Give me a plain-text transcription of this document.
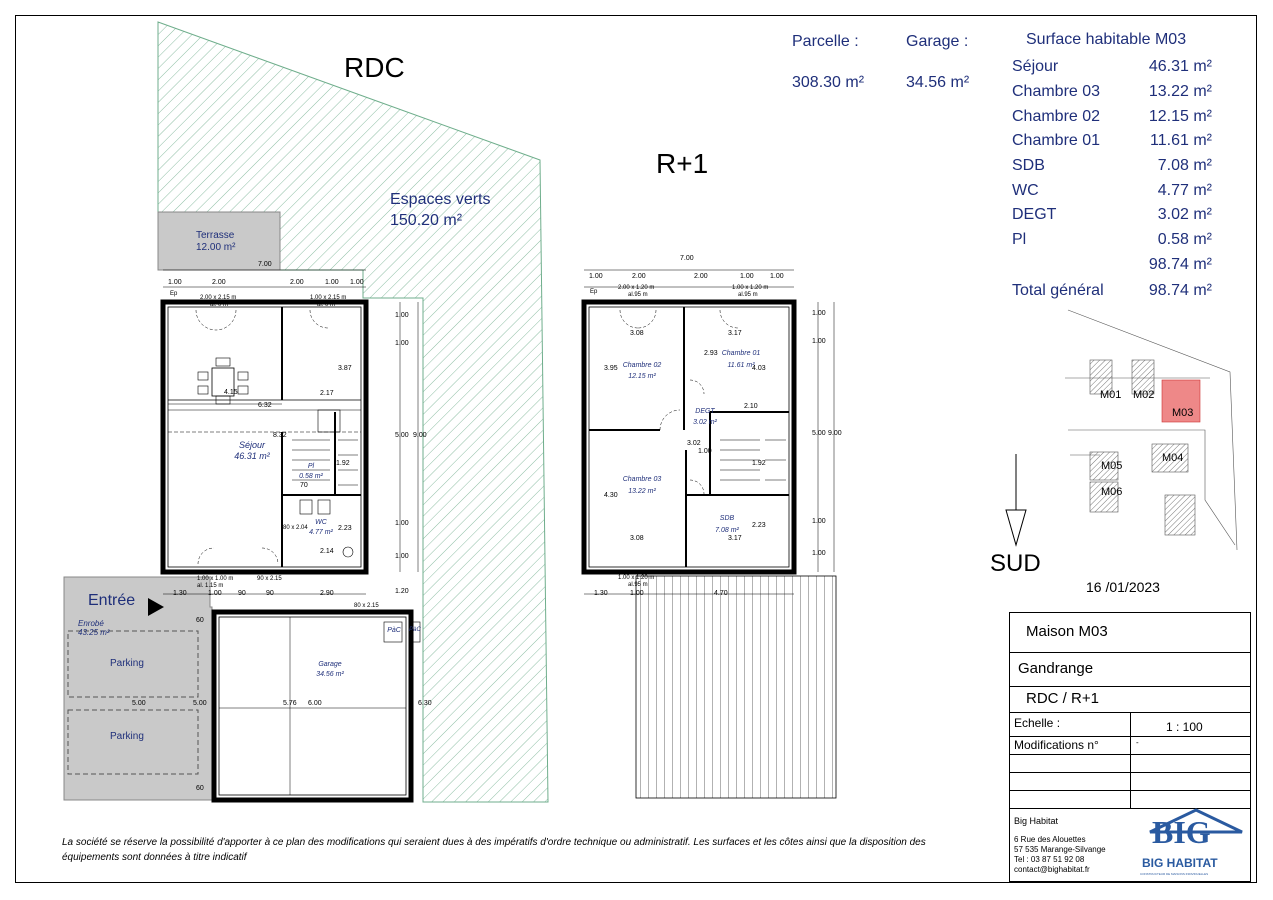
RDC
R+1
Espaces verts
150.20 m²
Terrasse
12.00 m²
Entrée
Enrobé
43.25 m²
Parking
Parking
SUD
16 /01/2023
Parcelle :
308.30 m²
Garage :
34.56 m²
Surface habitable M03
Séjour	46.31 m²
Chambre 03	13.22 m²
Chambre 02	12.15 m²
Chambre 01	11.61 m²
SDB	7.08 m²
WC	4.77 m²
DEGT	3.02 m²
Pl	0.58 m²
98.74 m²
Total général	98.74 m²
Séjour
46.31 m²
Pl
0.58 m²
WC
4.77 m²
Garage
34.56 m²
PàC	PàC
Chambre 02
12.15 m²
Chambre 01
11.61 m²
DEGT
3.02 m²
Chambre 03
13.22 m²
SDB
7.08 m²
7.00
1.00	2.00	2.00	1.00 1.00
Ep
2.00 x 2.15 m
al. 0 m
1.00 x 2.15 m
al. 0 m
4.15
6.32
2.17
3.87
8.32
1.92
70
80 x 2.04	2.23
2.14
1.00
1.00
5.00
1.00
1.00
9.00
1.20
1.00 x 1.00 m
al. 1.15 m
90 x 2.15
1.30	1.00 90	90	2.90
80 x 2.15
5.76 6.00	6.30
5.00	5.00
60
60
7.00
1.00	2.00	2.00	1.00 1.00
Ep
2.00 x 1.20 m
al.95 m
1.00 x 1.20 m
al.95 m
3.08	3.17
3.95
2.93
4.03
2.10
3.02
1.00
1.92
4.30
3.08	3.17
2.23
1.00
1.00
5.00
1.00
1.00
9.00
1.00 x 1.20 m
al.95 m
1.30	1.00	4.70
M01 M02
M03
M04
M05
M06
Maison M03
Gandrange
RDC / R+1
Echelle :	1 : 100
Modifications n°	-
Big Habitat
6 Rue des Alouettes
57 535 Marange-Silvange
Tel : 03 87 51 92 08
contact@bighabitat.fr
BIG
BIG HABITAT
CONSTRUCTEUR DE MAISONS INDIVIDUELLES
La société se réserve la possibilité d'apporter à ce plan des modifications qui seraient dues à des impératifs d'ordre technique ou administratif. Les surfaces et les côtes ainsi que la disposition des équipements sont données à titre indicatif
